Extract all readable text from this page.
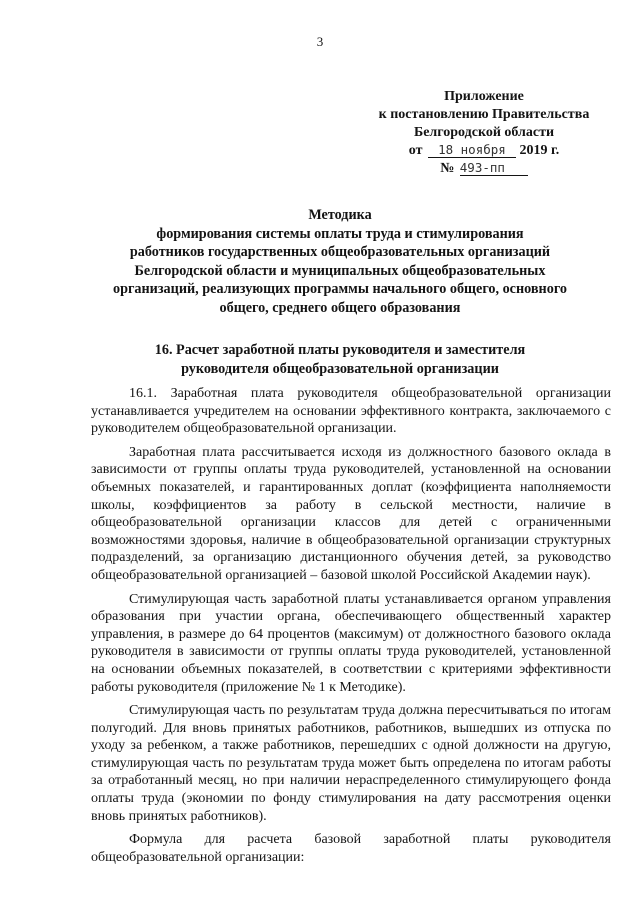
3
Приложение
к постановлению Правительства
Белгородской области
от 18 ноября 2019 г.
№ 493-пп
Методика
формирования системы оплаты труда и стимулирования
работников государственных общеобразовательных организаций
Белгородской области и муниципальных общеобразовательных
организаций, реализующих программы начального общего, основного
общего, среднего общего образования
16. Расчет заработной платы руководителя и заместителя
руководителя общеобразовательной организации

16.1. Заработная плата руководителя общеобразовательной организации устанавливается учредителем на основании эффективного контракта, заключаемого с руководителем общеобразовательной организации.

Заработная плата рассчитывается исходя из должностного базового оклада в зависимости от группы оплаты труда руководителей, установленной на основании объемных показателей, и гарантированных доплат (коэффициента наполняемости школы, коэффициентов за работу в сельской местности, наличие в общеобразовательной организации классов для детей с ограниченными возможностями здоровья, наличие в общеобразовательной организации структурных подразделений, за организацию дистанционного обучения детей, за руководство общеобразовательной организацией – базовой школой Российской Академии наук).

Стимулирующая часть заработной платы устанавливается органом управления образования при участии органа, обеспечивающего общественный характер управления, в размере до 64 процентов (максимум) от должностного базового оклада руководителя в зависимости от группы оплаты труда руководителей, установленной на основании объемных показателей, в соответствии с критериями эффективности работы руководителя (приложение № 1 к Методике).

Стимулирующая часть по результатам труда должна пересчитываться по итогам полугодий. Для вновь принятых работников, работников, вышедших из отпуска по уходу за ребенком, а также работников, перешедших с одной должности на другую, стимулирующая часть по результатам труда может быть определена по итогам работы за отработанный месяц, но при наличии нераспределенного стимулирующего фонда оплаты труда (экономии по фонду стимулирования на дату рассмотрения оценки вновь принятых работников).

Формула для расчета базовой заработной платы руководителя общеобразовательной организации:
